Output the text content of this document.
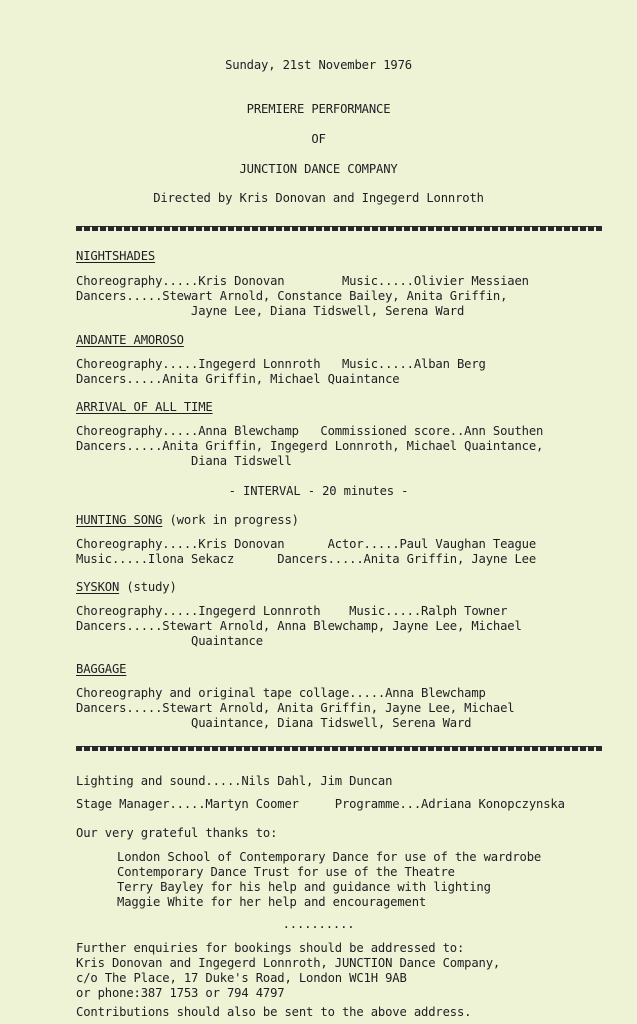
Sunday, 21st November 1976

PREMIERE PERFORMANCE

OF

JUNCTION DANCE COMPANY

Directed by Kris Donovan and Ingegerd Lonnroth

NIGHTSHADES

Choreography.....Kris Donovan        Music.....Olivier Messiaen

Dancers.....Stewart Arnold, Constance Bailey, Anita Griffin,

Jayne Lee, Diana Tidswell, Serena Ward

ANDANTE AMOROSO

Choreography.....Ingegerd Lonnroth   Music.....Alban Berg

Dancers.....Anita Griffin, Michael Quaintance

ARRIVAL OF ALL TIME

Choreography.....Anna Blewchamp   Commissioned score..Ann Southen

Dancers.....Anita Griffin, Ingegerd Lonnroth, Michael Quaintance,

Diana Tidswell

- INTERVAL - 20 minutes -

HUNTING SONG (work in progress)

Choreography.....Kris Donovan      Actor.....Paul Vaughan Teague

Music.....Ilona Sekacz      Dancers.....Anita Griffin, Jayne Lee

SYSKON (study)

Choreography.....Ingegerd Lonnroth    Music.....Ralph Towner

Dancers.....Stewart Arnold, Anna Blewchamp, Jayne Lee, Michael

Quaintance

BAGGAGE

Choreography and original tape collage.....Anna Blewchamp

Dancers.....Stewart Arnold, Anita Griffin, Jayne Lee, Michael

Quaintance, Diana Tidswell, Serena Ward

Lighting and sound.....Nils Dahl, Jim Duncan

Stage Manager.....Martyn Coomer     Programme...Adriana Konopczynska

Our very grateful thanks to:

London School of Contemporary Dance for use of the wardrobe

Contemporary Dance Trust for use of the Theatre

Terry Bayley for his help and guidance with lighting

Maggie White for her help and encouragement

..........

Further enquiries for bookings should be addressed to:

Kris Donovan and Ingegerd Lonnroth, JUNCTION Dance Company,

c/o The Place, 17 Duke's Road, London WC1H 9AB

or phone:387 1753 or 794 4797

Contributions should also be sent to the above address.
